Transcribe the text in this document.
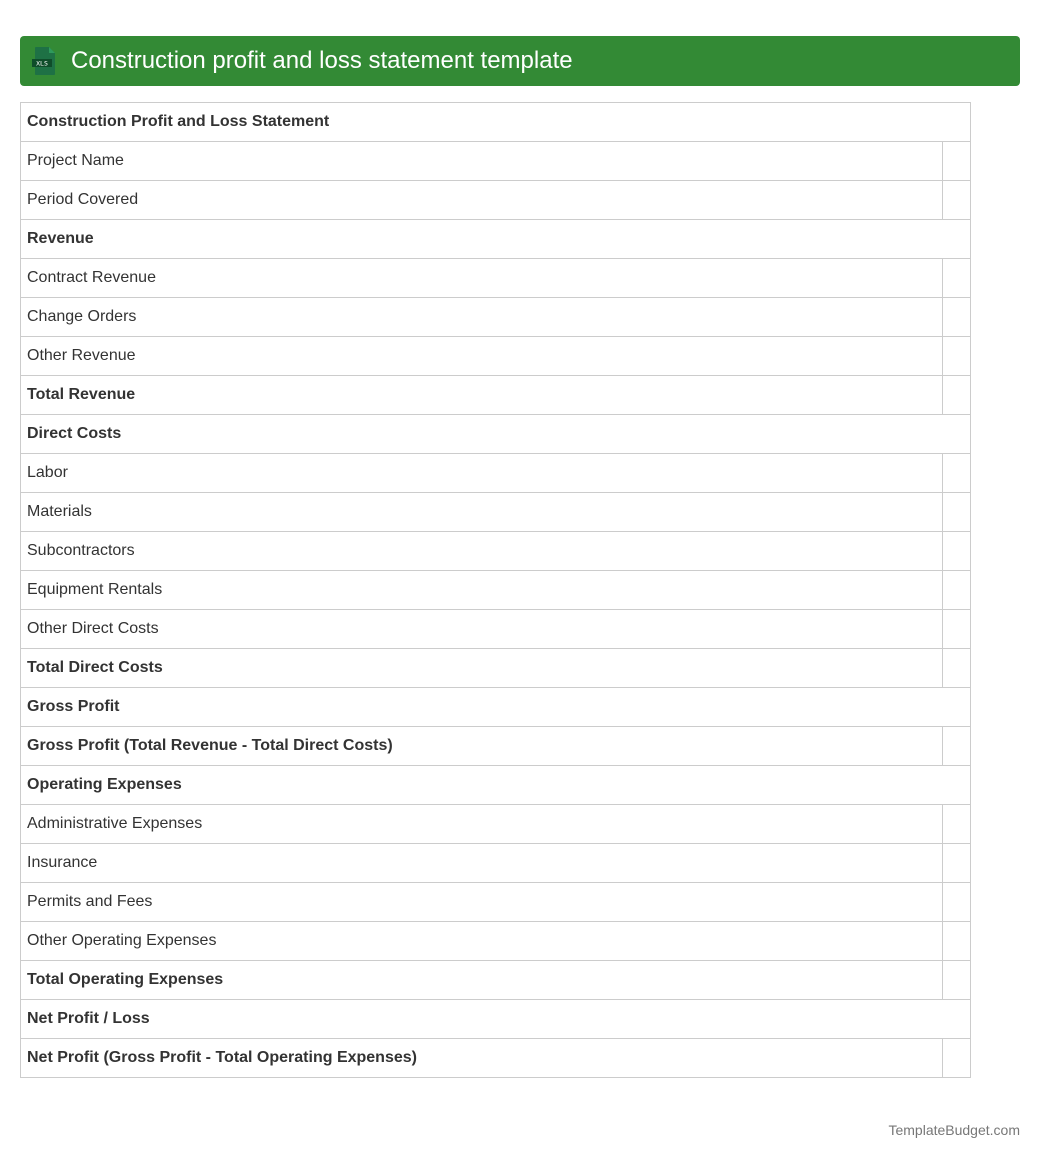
XLS Construction profit and loss statement template
Construction Profit and Loss Statement	
Project Name	
Period Covered	
Revenue	
Contract Revenue	
Change Orders	
Other Revenue	
Total Revenue	
Direct Costs	
Labor	
Materials	
Subcontractors	
Equipment Rentals	
Other Direct Costs	
Total Direct Costs	
Gross Profit	
Gross Profit (Total Revenue - Total Direct Costs)	
Operating Expenses	
Administrative Expenses	
Insurance	
Permits and Fees	
Other Operating Expenses	
Total Operating Expenses	
Net Profit / Loss	
Net Profit (Gross Profit - Total Operating Expenses)	
TemplateBudget.com
